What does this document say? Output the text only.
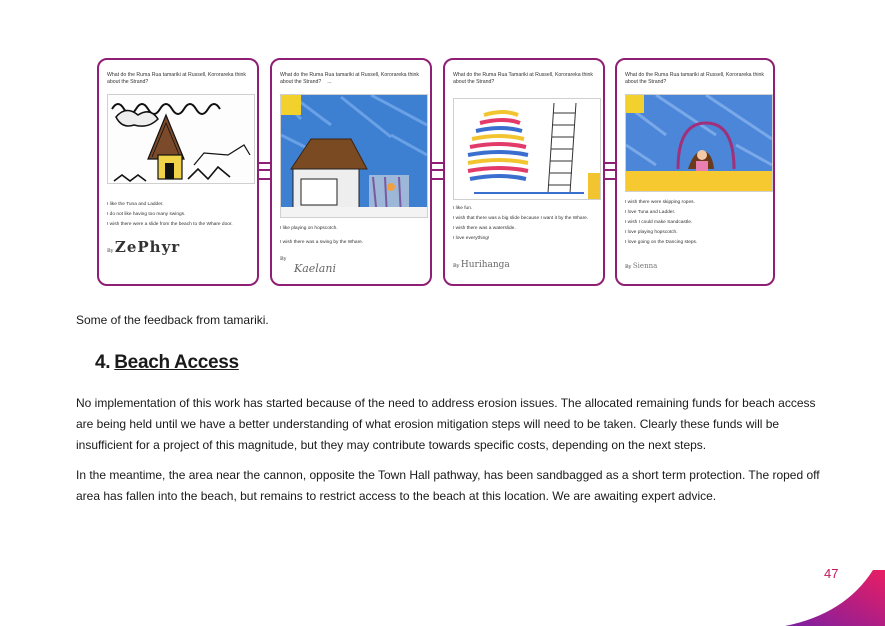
What do the Ruma Rua tamariki at Russell, Kororareka think about the Strand?
I like the Tuna and Ladder.
I do not like having too many swings.
I wish there were a slide from the beach to the Whare door.
By ZePhyr
What do the Ruma Rua tamariki at Russell, Kororareka think about the Strand? ...
I like playing on hopscotch.
I wish there was a swing by the Whare.
By
Kaelani
What do the Ruma Rua Tamariki at Russell, Kororareka think about the Strand?
I like fun.
I wish that there was a big slide because I want it by the Whare.
I wish there was a waterslide.
I love everything!
By Hurihanga
What do the Ruma Rua tamariki at Russell, Kororareka think about the Strand?
I wish there were skipping ropes.
I love Tuna and Ladder.
I wish I could make Sandcastle.
I love playing hopscotch.
I love going on the Dancing steps.
By Sienna
Some of the feedback from tamariki.
4. Beach Access
No implementation of this work has started because of the need to address erosion issues. The allocated remaining funds for beach access are being held until we have a better understanding of what erosion mitigation steps will need to be taken. Clearly these funds will be insufficient for a project of this magnitude, but they may contribute towards specific costs, depending on the next steps.
In the meantime, the area near the cannon, opposite the Town Hall pathway, has been sandbagged as a short term protection. The roped off area has fallen into the beach, but remains to restrict access to the beach at this location. We are awaiting expert advice.
47
